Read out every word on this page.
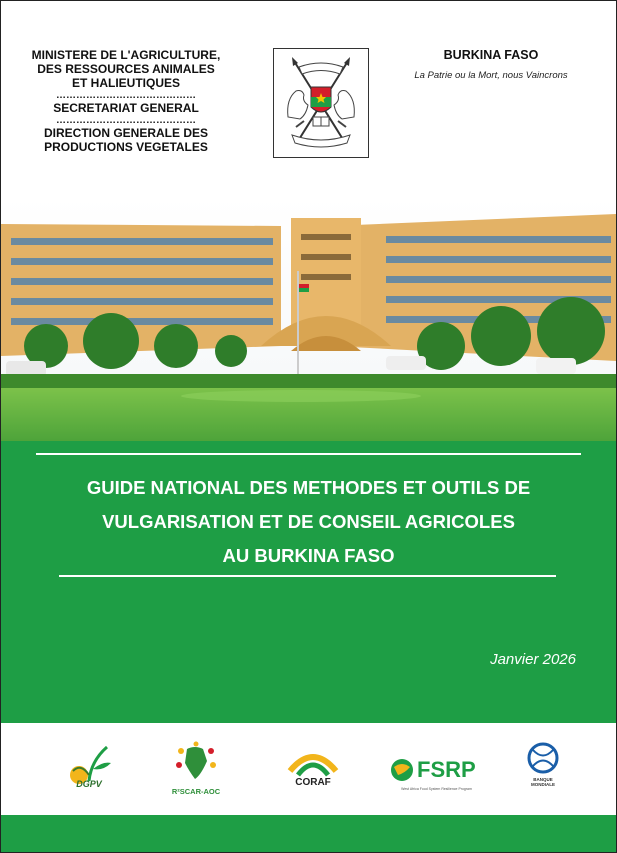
MINISTERE DE L'AGRICULTURE,
DES RESSOURCES ANIMALES
ET HALIEUTIQUES
……………………………………
SECRETARIAT GENERAL
……………………………………
DIRECTION GENERALE DES
PRODUCTIONS VEGETALES
BURKINA FASO
La Patrie ou la Mort, nous Vaincrons
GUIDE NATIONAL DES METHODES ET OUTILS DE
VULGARISATION ET DE CONSEIL AGRICOLES
AU BURKINA FASO
Janvier 2026
DGPV
R²SCAR-AOC
CORAF
FSRP
West Africa Food System Resilience Program
BANQUE MONDIALE
